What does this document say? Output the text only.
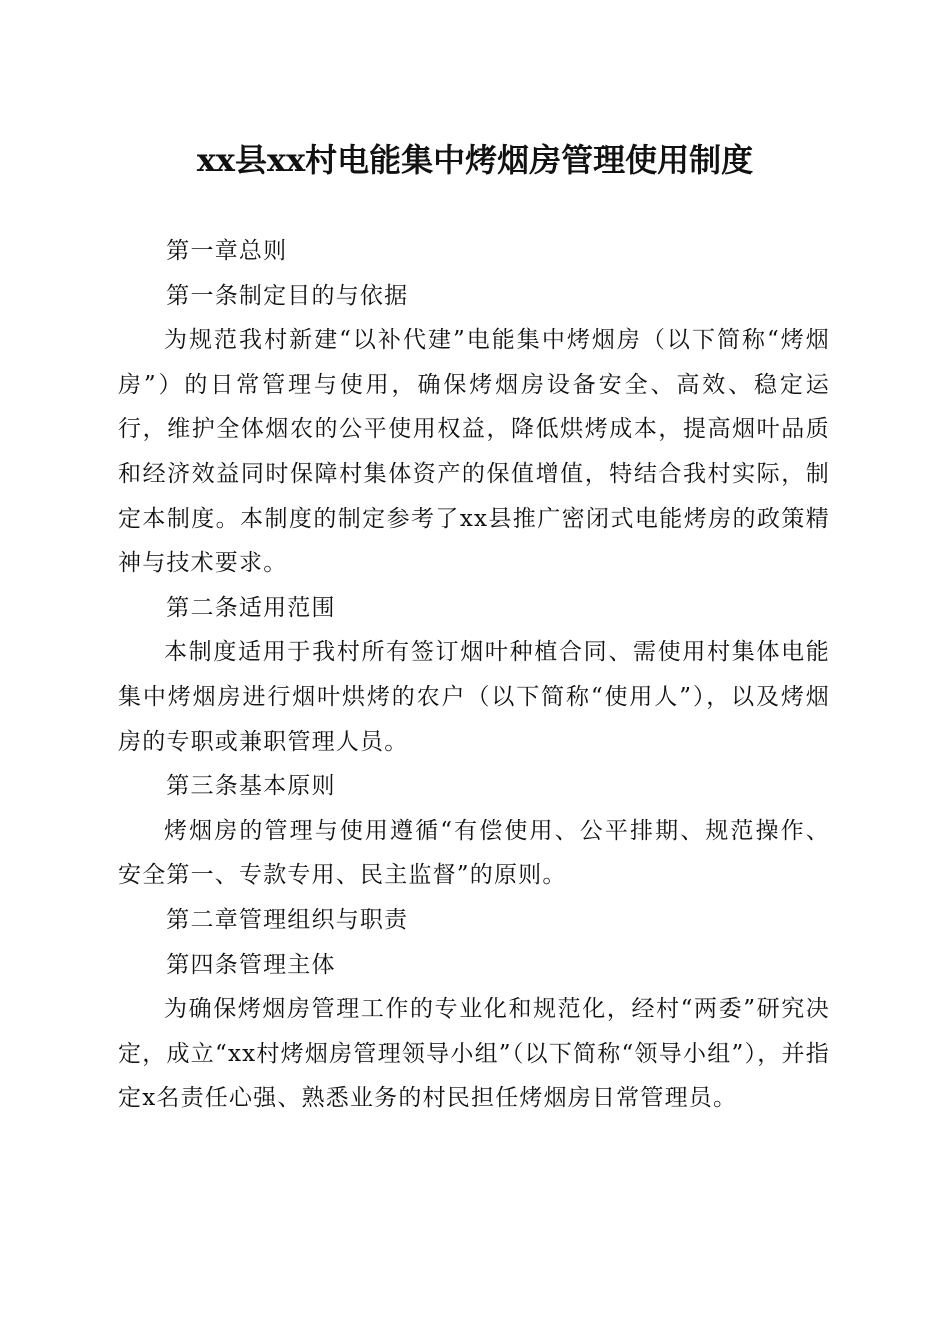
xx县xx村电能集中烤烟房管理使用制度

第一章总则

第一条制定目的与依据

为规范我村新建“以补代建”电能集中烤烟房（以下简称“烤烟房”）的日常管理与使用，确保烤烟房设备安全、高效、稳定运行，维护全体烟农的公平使用权益，降低烘烤成本，提高烟叶品质和经济效益同时保障村集体资产的保值增值，特结合我村实际，制定本制度。本制度的制定参考了xx县推广密闭式电能烤房的政策精神与技术要求。

第二条适用范围

本制度适用于我村所有签订烟叶种植合同、需使用村集体电能集中烤烟房进行烟叶烘烤的农户（以下简称“使用人”），以及烤烟房的专职或兼职管理人员。

第三条基本原则

烤烟房的管理与使用遵循“有偿使用、公平排期、规范操作、安全第一、专款专用、民主监督”的原则。

第二章管理组织与职责

第四条管理主体

为确保烤烟房管理工作的专业化和规范化，经村“两委”研究决定，成立“xx村烤烟房管理领导小组”（以下简称“领导小组”），并指定x名责任心强、熟悉业务的村民担任烤烟房日常管理员。
